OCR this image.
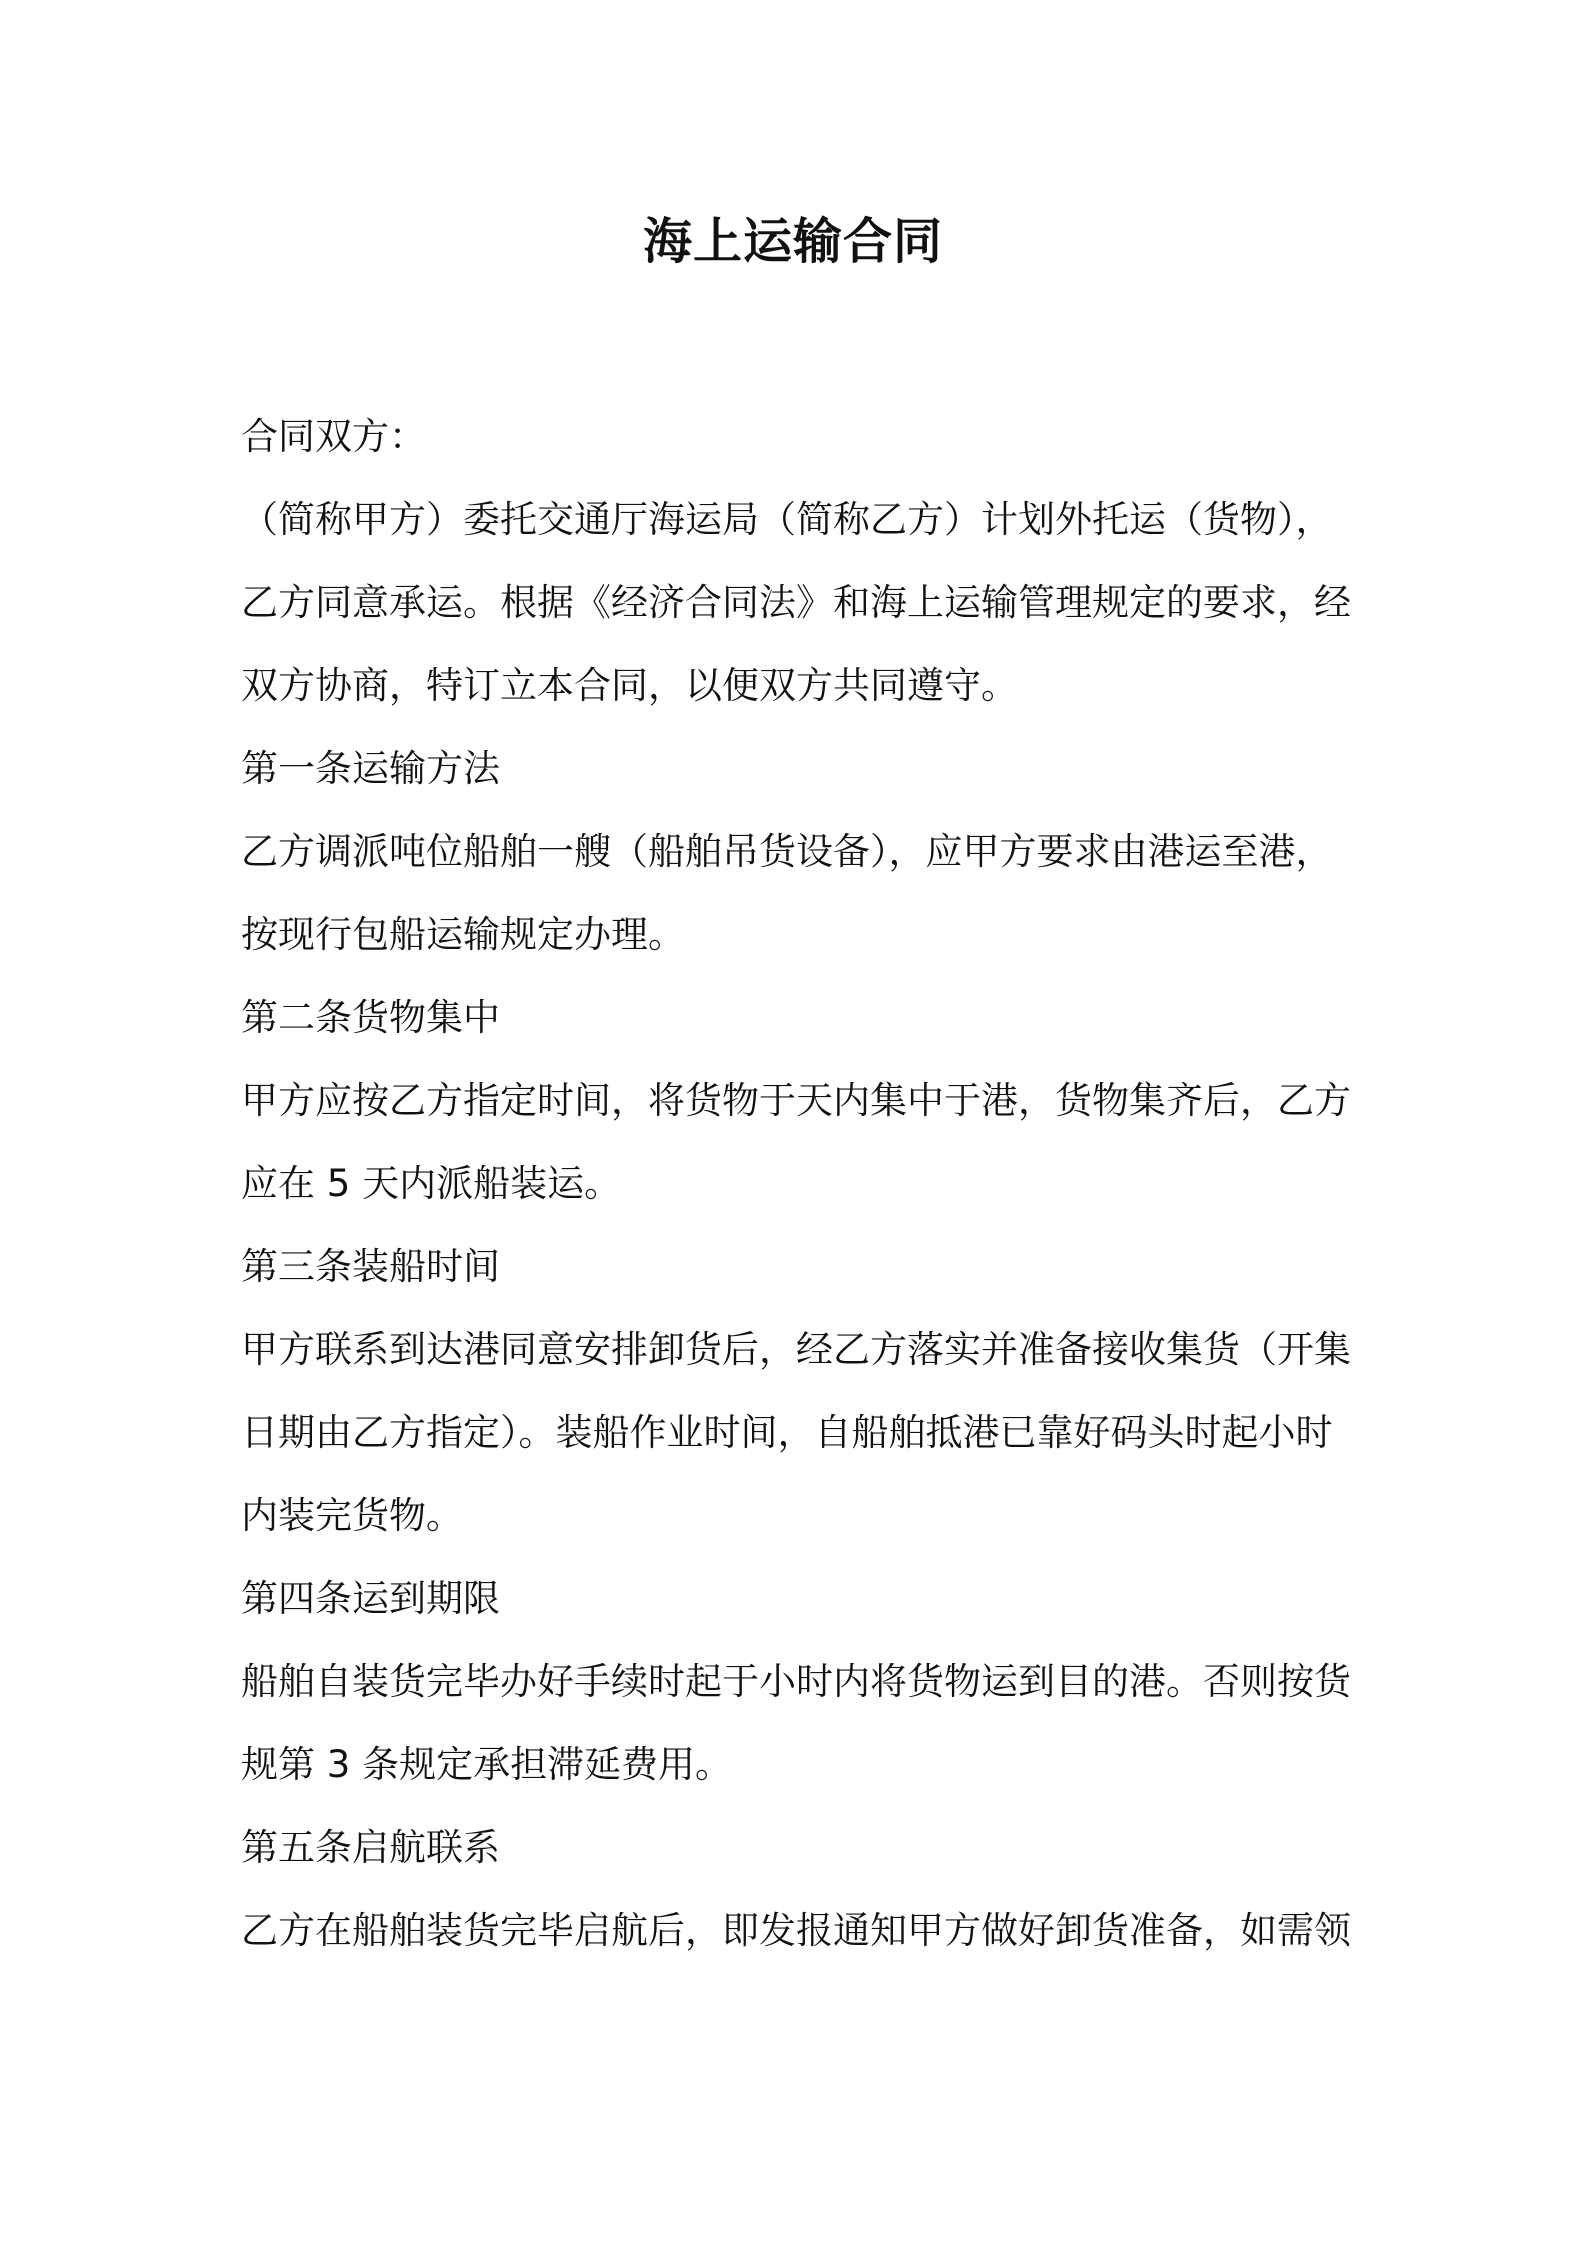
海上运输合同
合同双方：
（简称甲方）委托交通厅海运局（简称乙方）计划外托运（货物），
乙方同意承运。根据《经济合同法》和海上运输管理规定的要求，经
双方协商，特订立本合同，以便双方共同遵守。
第一条运输方法
乙方调派吨位船舶一艘（船舶吊货设备），应甲方要求由港运至港，
按现行包船运输规定办理。
第二条货物集中
甲方应按乙方指定时间，将货物于天内集中于港，货物集齐后，乙方
应在 5 天内派船装运。
第三条装船时间
甲方联系到达港同意安排卸货后，经乙方落实并准备接收集货（开集
日期由乙方指定）。装船作业时间，自船舶抵港已靠好码头时起小时
内装完货物。
第四条运到期限
船舶自装货完毕办好手续时起于小时内将货物运到目的港。否则按货
规第 3 条规定承担滞延费用。
第五条启航联系
乙方在船舶装货完毕启航后，即发报通知甲方做好卸货准备，如需领
